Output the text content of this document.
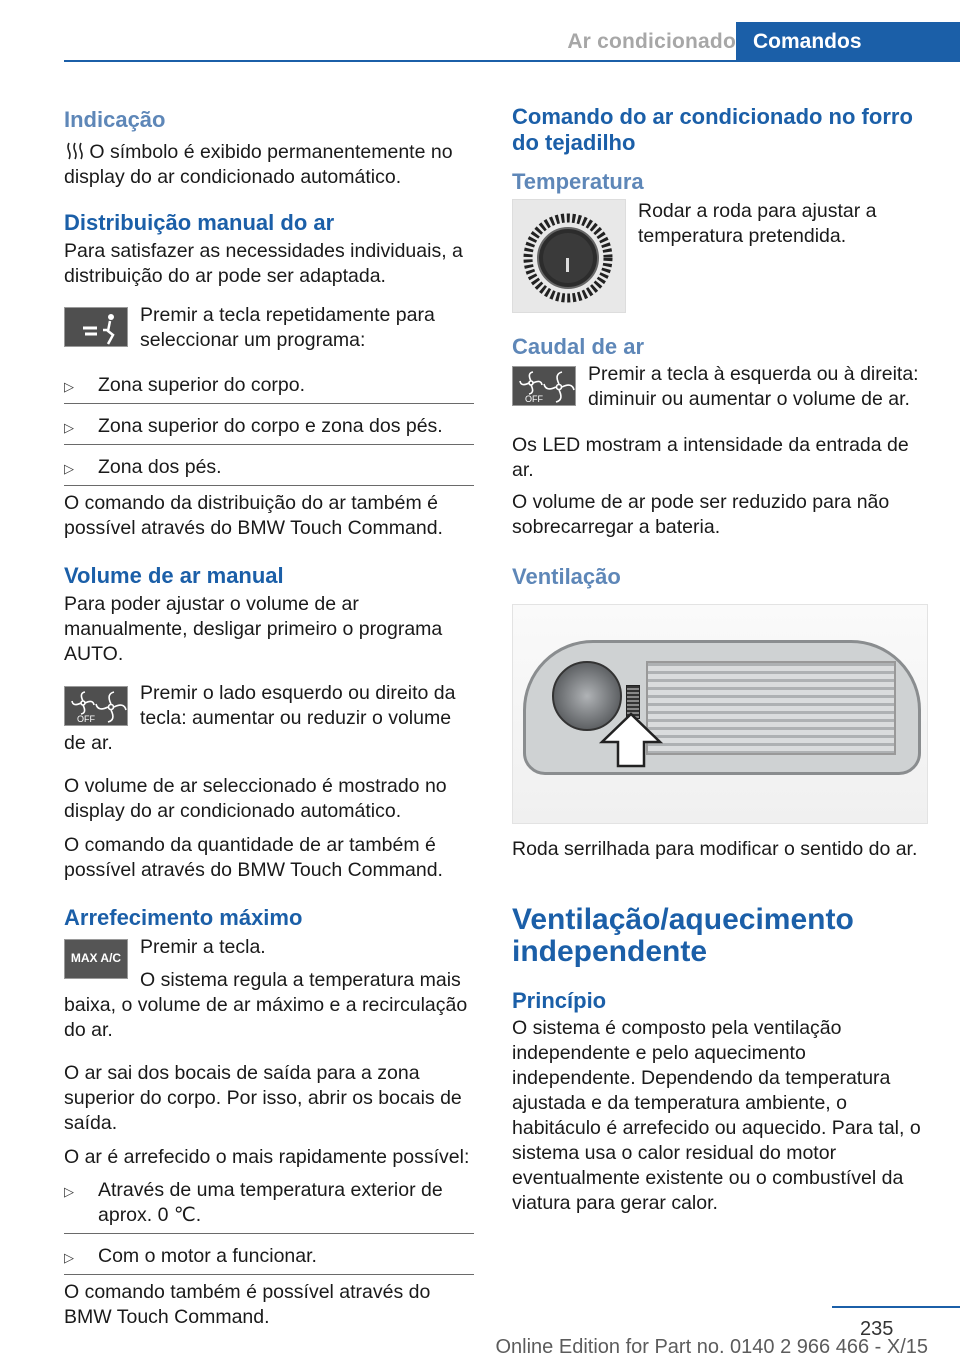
Ar condicionado Comandos
Indicação

O símbolo é exibido permanentemente no display do ar condicionado automático.

Distribuição manual do ar

Para satisfazer as necessidades individuais, a distribuição do ar pode ser adaptada.

Premir a tecla repetidamente para seleccionar um programa:

▷ Zona superior do corpo.
▷ Zona superior do corpo e zona dos pés.
▷ Zona dos pés.

O comando da distribuição do ar também é possível através do BMW Touch Command.

Volume de ar manual

Para poder ajustar o volume de ar manualmente, desligar primeiro o programa AUTO.

OFF

Premir o lado esquerdo ou direito da tecla: aumentar ou reduzir o volume de ar.

O volume de ar seleccionado é mostrado no display do ar condicionado automático.

O comando da quantidade de ar também é possível através do BMW Touch Command.

Arrefecimento máximo
MAX A/C Premir a tecla.

O sistema regula a temperatura mais baixa, o volume de ar máximo e a recirculação do ar.

O ar sai dos bocais de saída para a zona superior do corpo. Por isso, abrir os bocais de saída.

O ar é arrefecido o mais rapidamente possível:

▷ Através de uma temperatura exterior de aprox. 0 ℃.
▷ Com o motor a funcionar.

O comando também é possível através do BMW Touch Command.

Comando do ar condicionado no forro do tejadilho
Temperatura

Rodar a roda para ajustar a temperatura pretendida.

Caudal de ar
OFF

Premir a tecla à esquerda ou à direita: diminuir ou aumentar o volume de ar.

Os LED mostram a intensidade da entrada de ar.

O volume de ar pode ser reduzido para não sobrecarregar a bateria.

Ventilação

Roda serrilhada para modificar o sentido do ar.

Ventilação/aquecimento independente
Princípio

O sistema é composto pela ventilação independente e pelo aquecimento independente. Dependendo da temperatura ajustada e da temperatura ambiente, o habitáculo é arrefecido ou aquecido. Para tal, o sistema usa o calor residual do motor eventualmente existente ou o combustível da viatura para gerar calor.

235
Online Edition for Part no. 0140 2 966 466 - X/15
